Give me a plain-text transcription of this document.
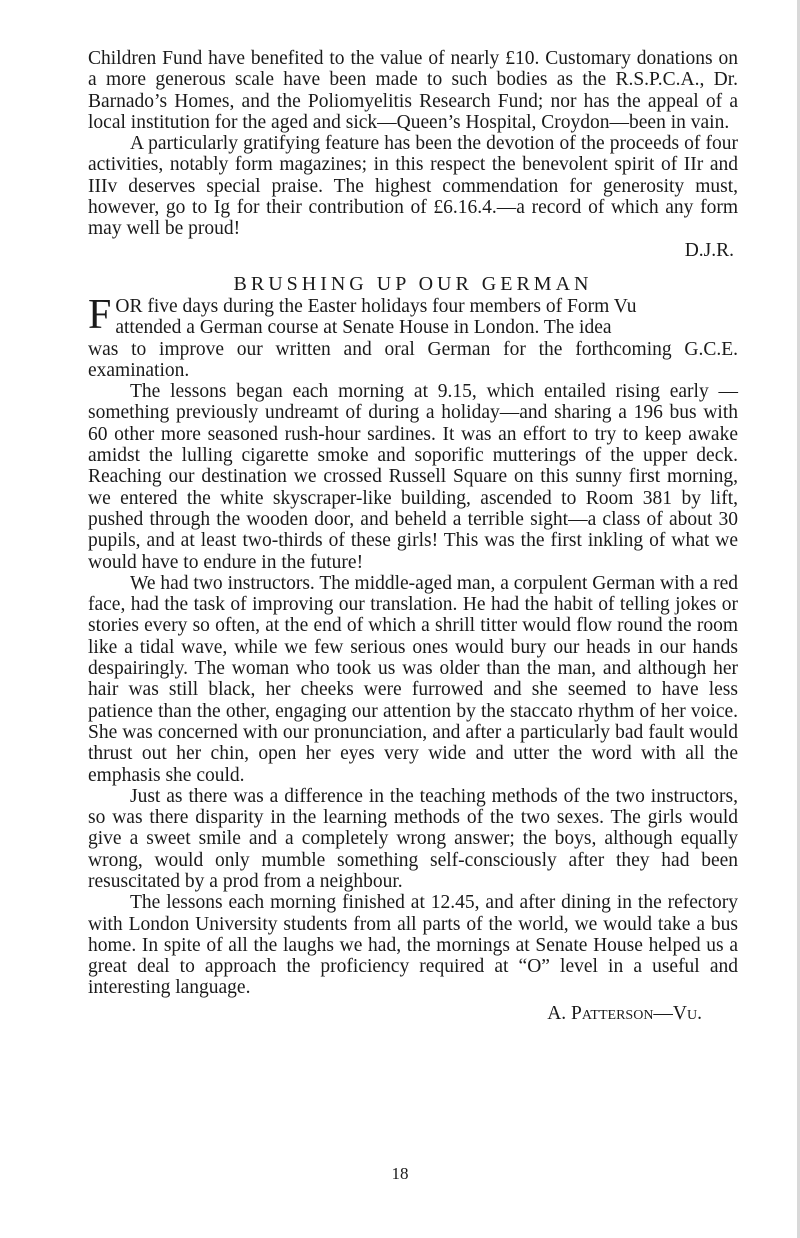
Children Fund have benefited to the value of nearly £10. Customary donations on a more generous scale have been made to such bodies as the R.S.P.C.A., Dr. Barnado’s Homes, and the Poliomyelitis Research Fund; nor has the appeal of a local institution for the aged and sick—Queen’s Hospital, Croydon—been in vain.

A particularly gratifying feature has been the devotion of the proceeds of four activities, notably form magazines; in this respect the benevolent spirit of IIr and IIIv deserves special praise. The highest commendation for generosity must, however, go to Ig for their contribution of £6.16.4.—a record of which any form may well be proud!

D.J.R.

BRUSHING UP OUR GERMAN

FOR five days during the Easter holidays four members of Form Vu
attended a German course at Senate House in London. The idea

was to improve our written and oral German for the forthcoming G.C.E. examination.

The lessons began each morning at 9.15, which entailed rising early —something previously undreamt of during a holiday—and sharing a 196 bus with 60 other more seasoned rush-hour sardines. It was an effort to try to keep awake amidst the lulling cigarette smoke and soporific mutterings of the upper deck. Reaching our destination we crossed Russell Square on this sunny first morning, we entered the white skyscraper-like building, ascended to Room 381 by lift, pushed through the wooden door, and beheld a terrible sight—a class of about 30 pupils, and at least two-thirds of these girls! This was the first inkling of what we would have to endure in the future!

We had two instructors. The middle-aged man, a corpulent German with a red face, had the task of improving our translation. He had the habit of telling jokes or stories every so often, at the end of which a shrill titter would flow round the room like a tidal wave, while we few serious ones would bury our heads in our hands despairingly. The woman who took us was older than the man, and although her hair was still black, her cheeks were furrowed and she seemed to have less patience than the other, engaging our attention by the staccato rhythm of her voice. She was concerned with our pronunciation, and after a particularly bad fault would thrust out her chin, open her eyes very wide and utter the word with all the emphasis she could.

Just as there was a difference in the teaching methods of the two instructors, so was there disparity in the learning methods of the two sexes. The girls would give a sweet smile and a completely wrong answer; the boys, although equally wrong, would only mumble something self-consciously after they had been resuscitated by a prod from a neighbour.

The lessons each morning finished at 12.45, and after dining in the refectory with London University students from all parts of the world, we would take a bus home. In spite of all the laughs we had, the mornings at Senate House helped us a great deal to approach the proficiency required at “O” level in a useful and interesting language.

A. Patterson—Vu.

18
